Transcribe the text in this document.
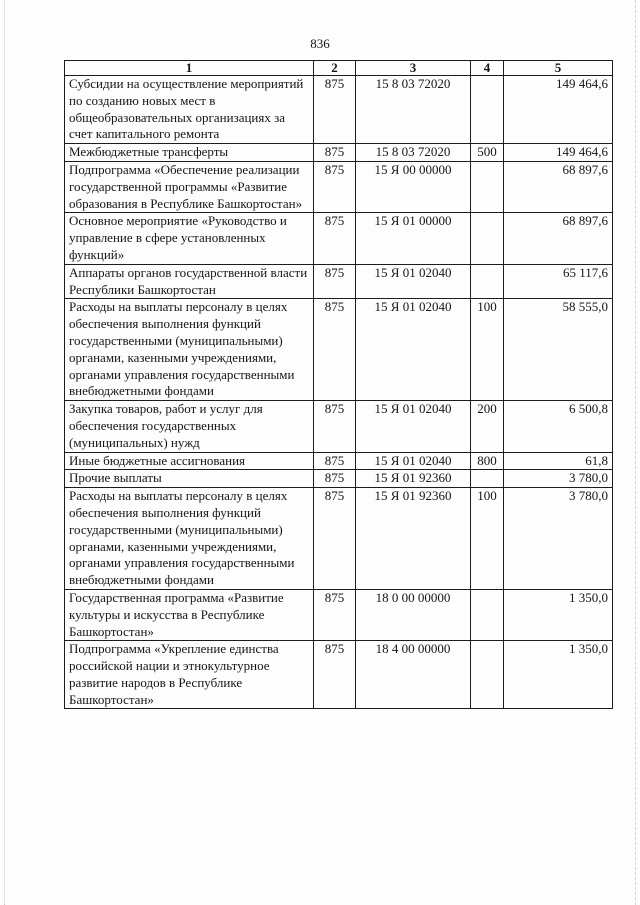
836
1	2	3	4	5
Субсидии на осуществление мероприятий по созданию новых мест в общеобразовательных организациях за счет капитального ремонта	875	15 8 03 72020		149 464,6
Межбюджетные трансферты	875	15 8 03 72020	500	149 464,6
Подпрограмма «Обеспечение реализации государственной программы «Развитие образования в Республике Башкортостан»	875	15 Я 00 00000		68 897,6
Основное мероприятие «Руководство и управление в сфере установленных функций»	875	15 Я 01 00000		68 897,6
Аппараты органов государственной власти Республики Башкортостан	875	15 Я 01 02040		65 117,6
Расходы на выплаты персоналу в целях обеспечения выполнения функций государственными (муниципальными) органами, казенными учреждениями, органами управления государственными внебюджетными фондами	875	15 Я 01 02040	100	58 555,0
Закупка товаров, работ и услуг для обеспечения государственных (муниципальных) нужд	875	15 Я 01 02040	200	6 500,8
Иные бюджетные ассигнования	875	15 Я 01 02040	800	61,8
Прочие выплаты	875	15 Я 01 92360		3 780,0
Расходы на выплаты персоналу в целях обеспечения выполнения функций государственными (муниципальными) органами, казенными учреждениями, органами управления государственными внебюджетными фондами	875	15 Я 01 92360	100	3 780,0
Государственная программа «Развитие культуры и искусства в Республике Башкортостан»	875	18 0 00 00000		1 350,0
Подпрограмма «Укрепление единства российской нации и этнокультурное развитие народов в Республике Башкортостан»	875	18 4 00 00000		1 350,0
